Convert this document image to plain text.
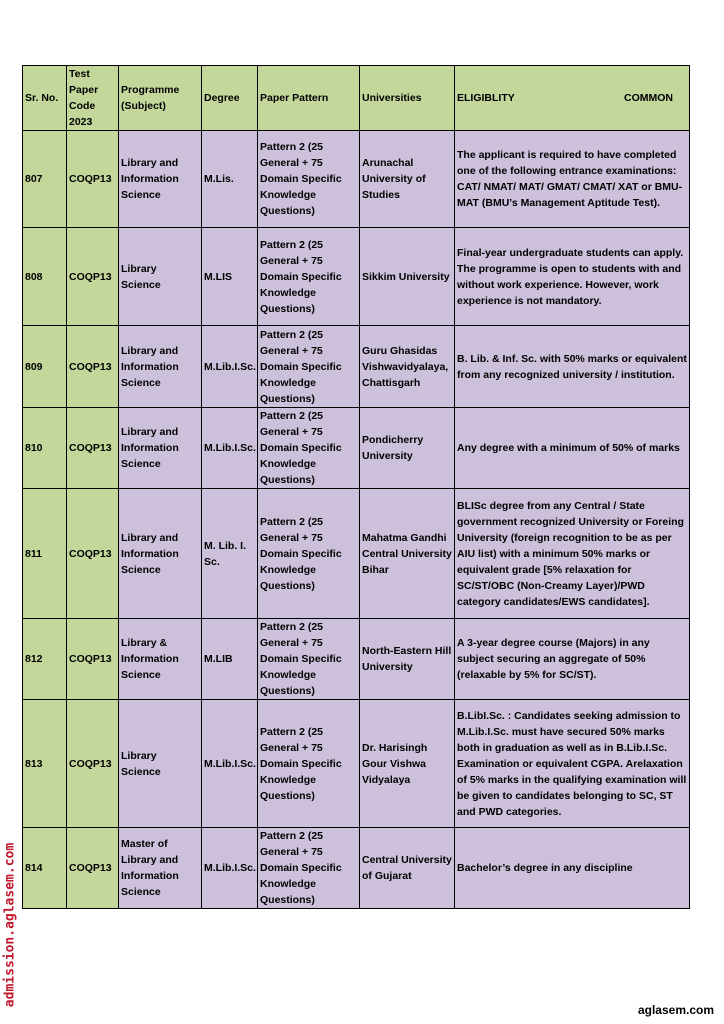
Sr. No.	Test
Paper
Code
2023	Programme
(Subject)	Degree	Paper Pattern	Universities	ELIGIBLITY COMMON

807	COQP13	Library and Information Science	M.Lis.	Pattern 2 (25 General + 75 Domain Specific Knowledge Questions)	Arunachal University of Studies	The applicant is required to have completed one of the following entrance examinations: CAT/ NMAT/ MAT/ GMAT/ CMAT/ XAT or BMU-MAT (BMU’s Management Aptitude Test).
808	COQP13	Library Science	M.LIS	Pattern 2 (25 General + 75 Domain Specific Knowledge Questions)	Sikkim University	Final-year undergraduate students can apply. The programme is open to students with and without work experience. However, work experience is not mandatory.
809	COQP13	Library and Information Science	M.Lib.I.Sc.	Pattern 2 (25 General + 75 Domain Specific Knowledge Questions)	Guru Ghasidas Vishwavidyalaya, Chattisgarh	B. Lib. & Inf. Sc. with 50% marks or equivalent from any recognized university / institution.
810	COQP13	Library and Information Science	M.Lib.I.Sc.	Pattern 2 (25 General + 75 Domain Specific Knowledge Questions)	Pondicherry University	Any degree with a minimum of 50% of marks
811	COQP13	Library and Information Science	M. Lib. I. Sc.	Pattern 2 (25 General + 75 Domain Specific Knowledge Questions)	Mahatma Gandhi Central University Bihar	BLISc degree from any Central / State government recognized University or Foreing University (foreign recognition to be as per AIU list) with a minimum 50% marks or equivalent grade [5% relaxation for SC/ST/OBC (Non-Creamy Layer)/PWD category candidates/EWS candidates].
812	COQP13	Library & Information Science	M.LIB	Pattern 2 (25 General + 75 Domain Specific Knowledge Questions)	North-Eastern Hill University	A 3-year degree course (Majors) in any subject securing an aggregate of 50% (relaxable by 5% for SC/ST).
813	COQP13	Library Science	M.Lib.I.Sc.	Pattern 2 (25 General + 75 Domain Specific Knowledge Questions)	Dr. Harisingh Gour Vishwa Vidyalaya	B.LibI.Sc. : Candidates seeking admission to M.Lib.I.Sc. must have secured 50% marks both in graduation as well as in B.Lib.I.Sc. Examination or equivalent CGPA. Arelaxation of 5% marks in the qualifying examination will be given to candidates belonging to SC, ST and PWD categories.
814	COQP13	Master of Library and Information Science	M.Lib.I.Sc.	Pattern 2 (25 General + 75 Domain Specific Knowledge Questions)	Central University of Gujarat	Bachelor’s degree in any discipline
admission.aglasem.com
aglasem.com
